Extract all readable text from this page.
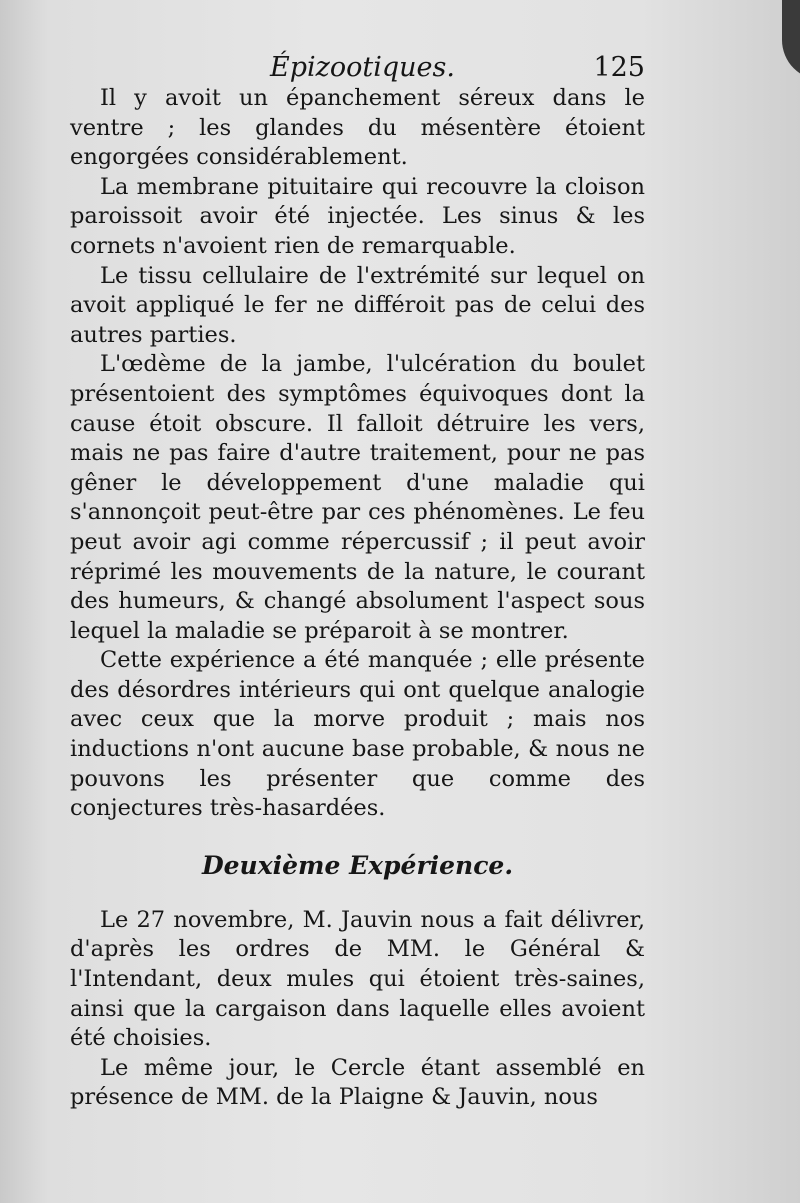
Épizootiques.	125

Il y avoit un épanchement séreux dans le ventre ; les glandes du mésentère étoient engorgées considérablement.

La membrane pituitaire qui recouvre la cloison paroissoit avoir été injectée. Les sinus & les cornets n'avoient rien de remarquable.

Le tissu cellulaire de l'extrémité sur lequel on avoit appliqué le fer ne différoit pas de celui des autres parties.

L'œdème de la jambe, l'ulcération du boulet présentoient des symptômes équivoques dont la cause étoit obscure. Il falloit détruire les vers, mais ne pas faire d'autre traitement, pour ne pas gêner le développement d'une maladie qui s'annonçoit peut-être par ces phénomènes. Le feu peut avoir agi comme répercussif ; il peut avoir réprimé les mouvements de la nature, le courant des humeurs, & changé absolument l'aspect sous lequel la maladie se préparoit à se montrer.

Cette expérience a été manquée ; elle présente des désordres intérieurs qui ont quelque analogie avec ceux que la morve produit ; mais nos inductions n'ont aucune base probable, & nous ne pouvons les présenter que comme des conjectures très-hasardées.

Deuxième Expérience.

Le 27 novembre, M. Jauvin nous a fait délivrer, d'après les ordres de MM. le Général & l'Intendant, deux mules qui étoient très-saines, ainsi que la cargaison dans laquelle elles avoient été choisies.

Le même jour, le Cercle étant assemblé en présence de MM. de la Plaigne & Jauvin, nous
